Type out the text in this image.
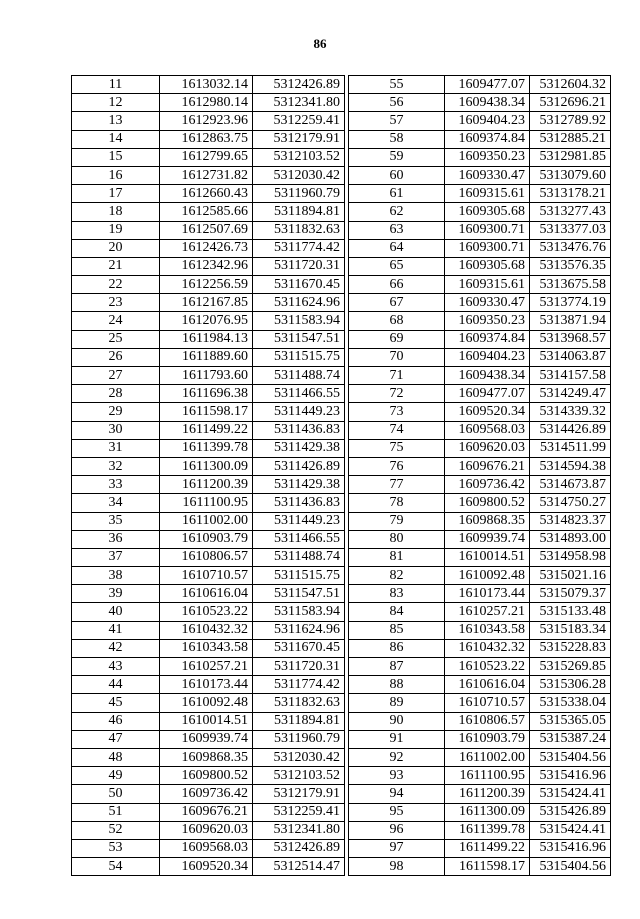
86
11	1613032.14	5312426.89
12	1612980.14	5312341.80
13	1612923.96	5312259.41
14	1612863.75	5312179.91
15	1612799.65	5312103.52
16	1612731.82	5312030.42
17	1612660.43	5311960.79
18	1612585.66	5311894.81
19	1612507.69	5311832.63
20	1612426.73	5311774.42
21	1612342.96	5311720.31
22	1612256.59	5311670.45
23	1612167.85	5311624.96
24	1612076.95	5311583.94
25	1611984.13	5311547.51
26	1611889.60	5311515.75
27	1611793.60	5311488.74
28	1611696.38	5311466.55
29	1611598.17	5311449.23
30	1611499.22	5311436.83
31	1611399.78	5311429.38
32	1611300.09	5311426.89
33	1611200.39	5311429.38
34	1611100.95	5311436.83
35	1611002.00	5311449.23
36	1610903.79	5311466.55
37	1610806.57	5311488.74
38	1610710.57	5311515.75
39	1610616.04	5311547.51
40	1610523.22	5311583.94
41	1610432.32	5311624.96
42	1610343.58	5311670.45
43	1610257.21	5311720.31
44	1610173.44	5311774.42
45	1610092.48	5311832.63
46	1610014.51	5311894.81
47	1609939.74	5311960.79
48	1609868.35	5312030.42
49	1609800.52	5312103.52
50	1609736.42	5312179.91
51	1609676.21	5312259.41
52	1609620.03	5312341.80
53	1609568.03	5312426.89
54	1609520.34	5312514.47
55	1609477.07	5312604.32
56	1609438.34	5312696.21
57	1609404.23	5312789.92
58	1609374.84	5312885.21
59	1609350.23	5312981.85
60	1609330.47	5313079.60
61	1609315.61	5313178.21
62	1609305.68	5313277.43
63	1609300.71	5313377.03
64	1609300.71	5313476.76
65	1609305.68	5313576.35
66	1609315.61	5313675.58
67	1609330.47	5313774.19
68	1609350.23	5313871.94
69	1609374.84	5313968.57
70	1609404.23	5314063.87
71	1609438.34	5314157.58
72	1609477.07	5314249.47
73	1609520.34	5314339.32
74	1609568.03	5314426.89
75	1609620.03	5314511.99
76	1609676.21	5314594.38
77	1609736.42	5314673.87
78	1609800.52	5314750.27
79	1609868.35	5314823.37
80	1609939.74	5314893.00
81	1610014.51	5314958.98
82	1610092.48	5315021.16
83	1610173.44	5315079.37
84	1610257.21	5315133.48
85	1610343.58	5315183.34
86	1610432.32	5315228.83
87	1610523.22	5315269.85
88	1610616.04	5315306.28
89	1610710.57	5315338.04
90	1610806.57	5315365.05
91	1610903.79	5315387.24
92	1611002.00	5315404.56
93	1611100.95	5315416.96
94	1611200.39	5315424.41
95	1611300.09	5315426.89
96	1611399.78	5315424.41
97	1611499.22	5315416.96
98	1611598.17	5315404.56
